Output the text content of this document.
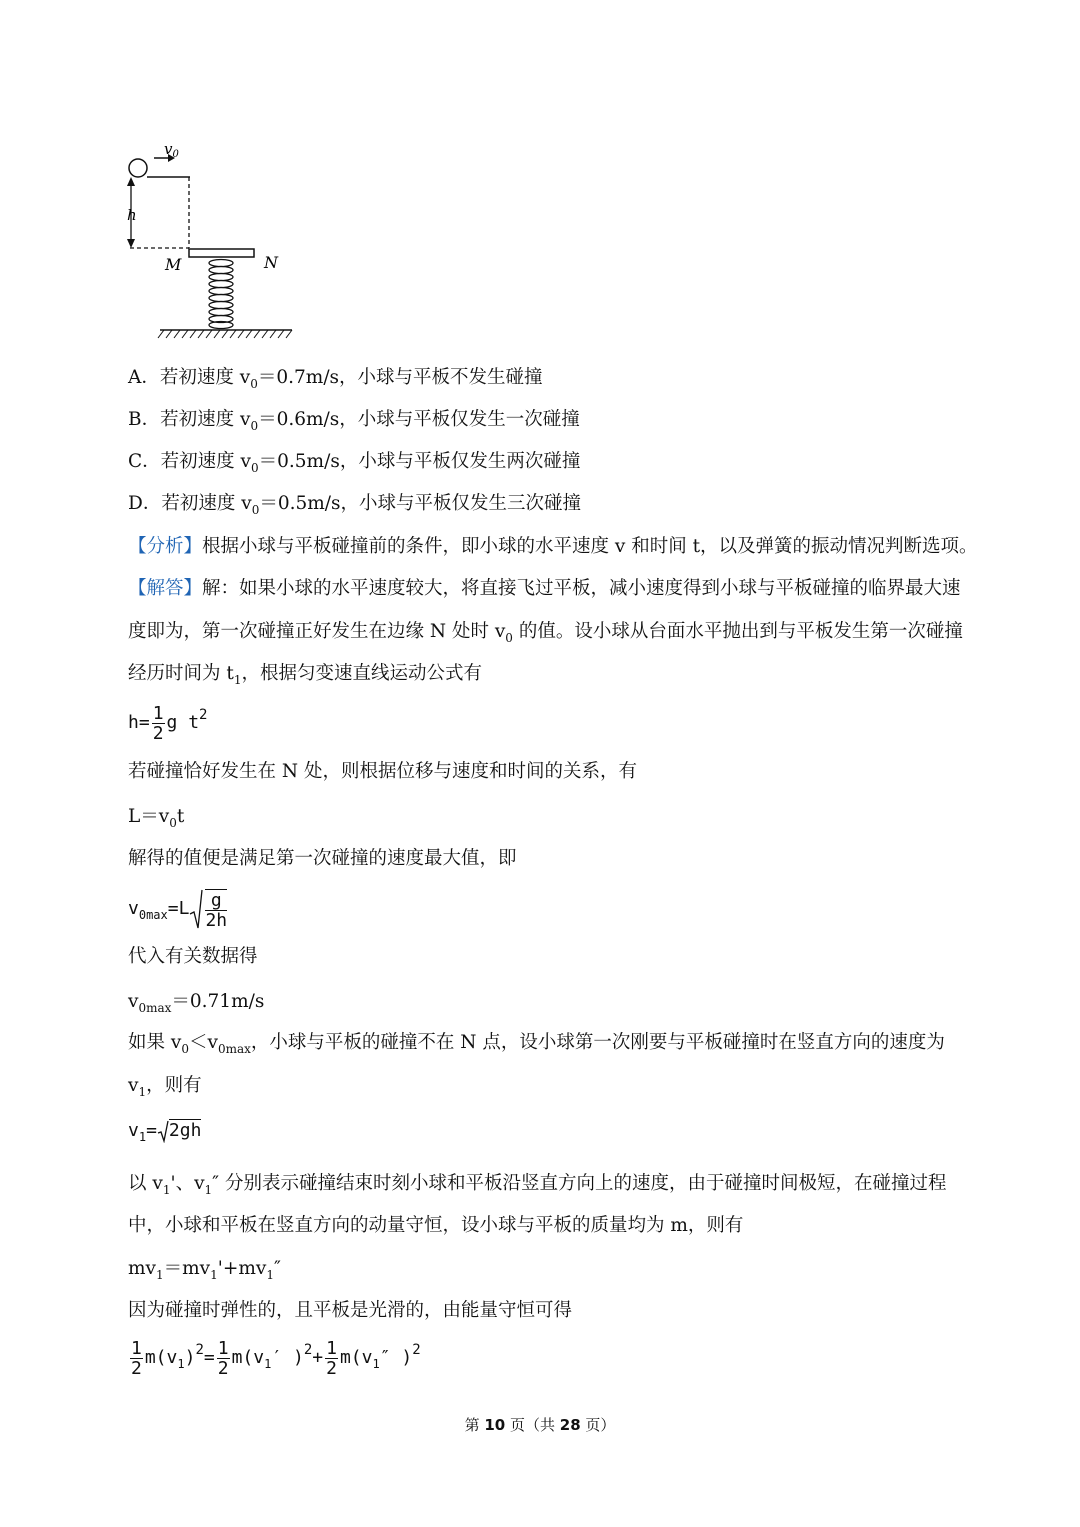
$v_0$
h
M	N
A．若初速度 $v_0=0.7m/s$，小球与平板不发生碰撞
B．若初速度 $v_0=0.6m/s$，小球与平板仅发生一次碰撞
C．若初速度 $v_0=0.5m/s$，小球与平板仅发生两次碰撞
D．若初速度 $v_0=0.5m/s$，小球与平板仅发生三次碰撞
【分析】根据小球与平板碰撞前的条件，即小球的水平速度 v 和时间 t，以及弹簧的振动情况判断选项。
【解答】解：如果小球的水平速度较大，将直接飞过平板，减小速度得到小球与平板碰撞的临界最大速
度即为，第一次碰撞正好发生在边缘 N 处时 $v_0$ 的值。设小球从台面水平抛出到与平板发生第一次碰撞
经历时间为 $t_1$，根据匀变速直线运动公式有
$h= \frac{1}{2}$ g $t^2$
若碰撞恰好发生在 N 处，则根据位移与速度和时间的关系，有
$L=v_0t$
解得的值便是满足第一次碰撞的速度最大值，即
$v_{0max}=L \frac{g}{2h}$
代入有关数据得
$v_{0max}=0.71m/s$
如果 $v_0<v_{0max}$，小球与平板的碰撞不在 N 点，设小球第一次刚要与平板碰撞时在竖直方向的速度为
$v_1$，则有
$v_1= 2gh$
以 $v_1'$、$v_1''$ 分别表示碰撞结束时刻小球和平板沿竖直方向上的速度，由于碰撞时间极短，在碰撞过程
中，小球和平板在竖直方向的动量守恒，设小球与平板的质量均为 m，则有
$mv_1=mv_1'+mv_1''$
因为碰撞时弹性的，且平板是光滑的，由能量守恒可得
$\frac{1}{2} m(v_1)^2= \frac{1}{2} m(v_1'$ )$^2+ \frac{1}{2} m(v_1''$ )$^2$
第 10 页（共 28 页）
